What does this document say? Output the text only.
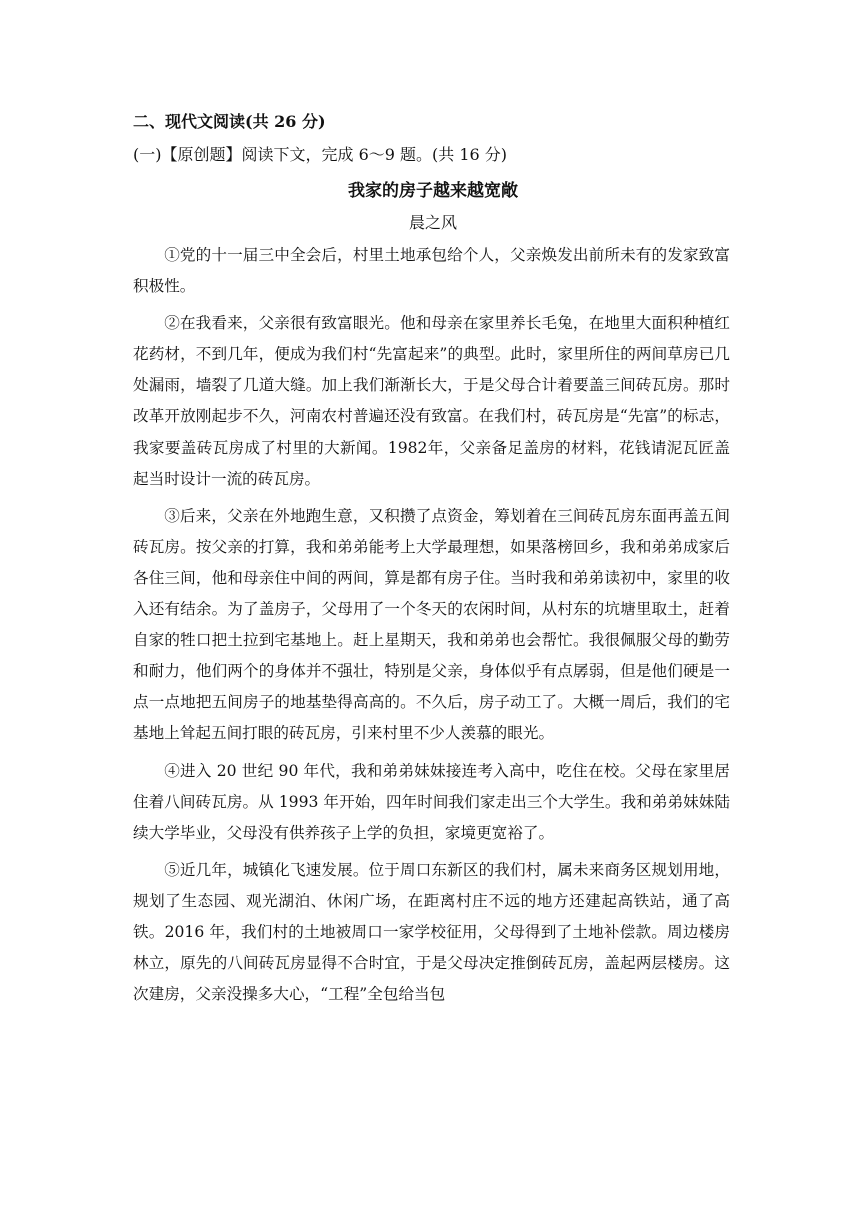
二、现代文阅读(共 26 分)
(一)【原创题】阅读下文，完成 6～9 题。(共 16 分)
我家的房子越来越宽敞
晨之风

①党的十一届三中全会后，村里土地承包给个人，父亲焕发出前所未有的发家致富积极性。

②在我看来，父亲很有致富眼光。他和母亲在家里养长毛兔，在地里大面积种植红花药材，不到几年，便成为我们村“先富起来”的典型。此时，家里所住的两间草房已几处漏雨，墙裂了几道大缝。加上我们渐渐长大，于是父母合计着要盖三间砖瓦房。那时改革开放刚起步不久，河南农村普遍还没有致富。在我们村，砖瓦房是“先富”的标志，我家要盖砖瓦房成了村里的大新闻。1982年，父亲备足盖房的材料，花钱请泥瓦匠盖起当时设计一流的砖瓦房。

③后来，父亲在外地跑生意，又积攒了点资金，筹划着在三间砖瓦房东面再盖五间砖瓦房。按父亲的打算，我和弟弟能考上大学最理想，如果落榜回乡，我和弟弟成家后各住三间，他和母亲住中间的两间，算是都有房子住。当时我和弟弟读初中，家里的收入还有结余。为了盖房子，父母用了一个冬天的农闲时间，从村东的坑塘里取土，赶着自家的牲口把土拉到宅基地上。赶上星期天，我和弟弟也会帮忙。我很佩服父母的勤劳和耐力，他们两个的身体并不强壮，特别是父亲，身体似乎有点孱弱，但是他们硬是一点一点地把五间房子的地基垫得高高的。不久后，房子动工了。大概一周后，我们的宅基地上耸起五间打眼的砖瓦房，引来村里不少人羡慕的眼光。

④进入 20 世纪 90 年代，我和弟弟妹妹接连考入高中，吃住在校。父母在家里居住着八间砖瓦房。从 1993 年开始，四年时间我们家走出三个大学生。我和弟弟妹妹陆续大学毕业，父母没有供养孩子上学的负担，家境更宽裕了。

⑤近几年，城镇化飞速发展。位于周口东新区的我们村，属未来商务区规划用地，规划了生态园、观光湖泊、休闲广场，在距离村庄不远的地方还建起高铁站，通了高铁。2016 年，我们村的土地被周口一家学校征用，父母得到了土地补偿款。周边楼房林立，原先的八间砖瓦房显得不合时宜，于是父母决定推倒砖瓦房，盖起两层楼房。这次建房，父亲没操多大心，“工程”全包给当包
